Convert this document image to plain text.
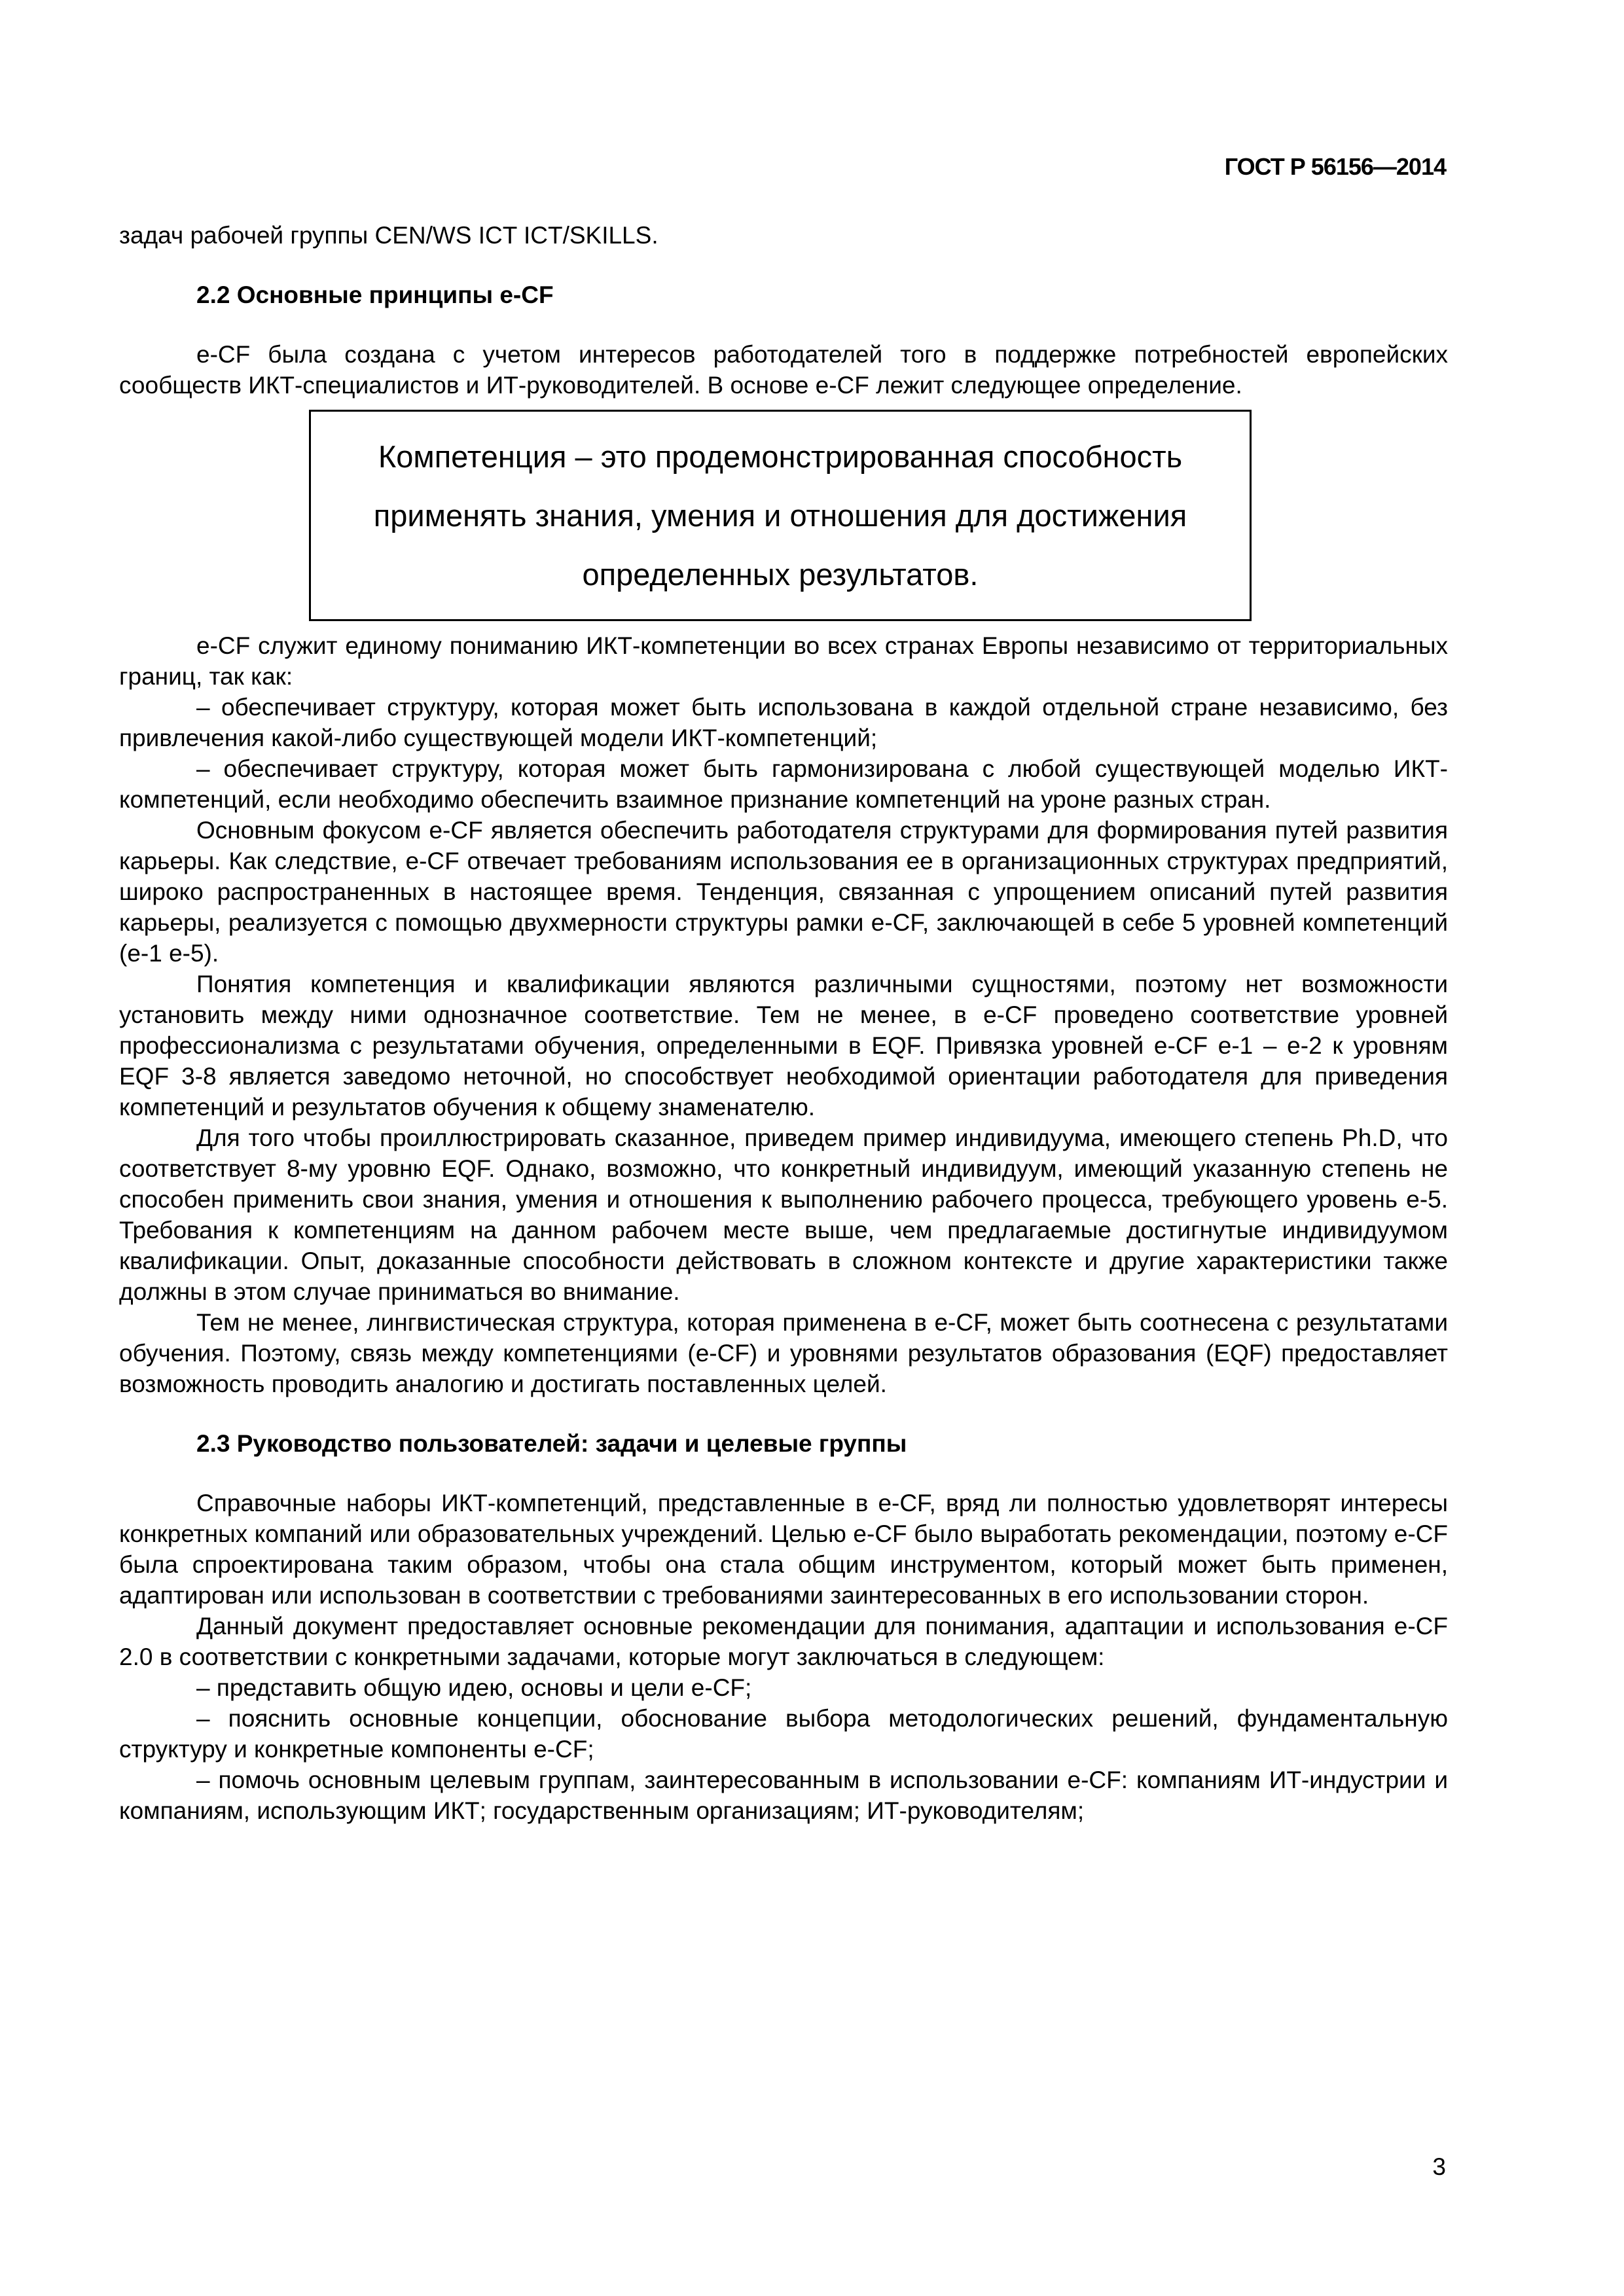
ГОСТ Р 56156—2014

задач рабочей группы CEN/WS ICT ICT/SKILLS.

2.2 Основные принципы e-CF

e-CF была создана с учетом интересов работодателей того в поддержке потребностей европейских сообществ ИКТ-специалистов и ИТ-руководителей. В основе e-CF лежит следующее определение.

Компетенция – это продемонстрированная способность применять знания, умения и отношения для достижения определенных результатов.

e-CF служит единому пониманию ИКТ-компетенции во всех странах Европы независимо от территориальных границ, так как:

– обеспечивает структуру, которая может быть использована в каждой отдельной стране независимо, без привлечения какой-либо существующей модели ИКТ-компетенций;

– обеспечивает структуру, которая может быть гармонизирована с любой существующей моделью ИКТ-компетенций, если необходимо обеспечить взаимное признание компетенций на уроне разных стран.

Основным фокусом e-CF является обеспечить работодателя структурами для формирования путей развития карьеры. Как следствие, e-CF отвечает требованиям использования ее в организационных структурах предприятий, широко распространенных в настоящее время. Тенденция, связанная с упрощением описаний путей развития карьеры, реализуется с помощью двухмерности структуры рамки e-CF, заключающей в себе 5 уровней компетенций (е-1 е-5).

Понятия компетенция и квалификации являются различными сущностями, поэтому нет возможности установить между ними однозначное соответствие. Тем не менее, в e-CF проведено соответствие уровней профессионализма с результатами обучения, определенными в EQF. Привязка уровней e-CF е-1 – е-2 к уровням EQF 3-8 является заведомо неточной, но способствует необходимой ориентации работодателя для приведения компетенций и результатов обучения к общему знаменателю.

Для того чтобы проиллюстрировать сказанное, приведем пример индивидуума, имеющего степень Ph.D, что соответствует 8-му уровню EQF. Однако, возможно, что конкретный индивидуум, имеющий указанную степень не способен применить свои знания, умения и отношения к выполнению рабочего процесса, требующего уровень е-5. Требования к компетенциям на данном рабочем месте выше, чем предлагаемые достигнутые индивидуумом квалификации. Опыт, доказанные способности действовать в сложном контексте и другие характеристики также должны в этом случае приниматься во внимание.

Тем не менее, лингвистическая структура, которая применена в e-CF, может быть соотнесена с результатами обучения. Поэтому, связь между компетенциями (e-CF) и уровнями результатов образования (EQF) предоставляет возможность проводить аналогию и достигать поставленных целей.

2.3 Руководство пользователей: задачи и целевые группы

Справочные наборы ИКТ-компетенций, представленные в e-CF, вряд ли полностью удовлетворят интересы конкретных компаний или образовательных учреждений. Целью e-CF было выработать рекомендации, поэтому e-CF была спроектирована таким образом, чтобы она стала общим инструментом, который может быть применен, адаптирован или использован в соответствии с требованиями заинтересованных в его использовании сторон.

Данный документ предоставляет основные рекомендации для понимания, адаптации и использования e-CF 2.0 в соответствии с конкретными задачами, которые могут заключаться в следующем:

– представить общую идею, основы и цели e-CF;

– пояснить основные концепции, обоснование выбора методологических решений, фундаментальную структуру и конкретные компоненты e-CF;

– помочь основным целевым группам, заинтересованным в использовании e-CF: компаниям ИТ-индустрии и компаниям, использующим ИКТ; государственным организациям; ИТ-руководителям;

3
